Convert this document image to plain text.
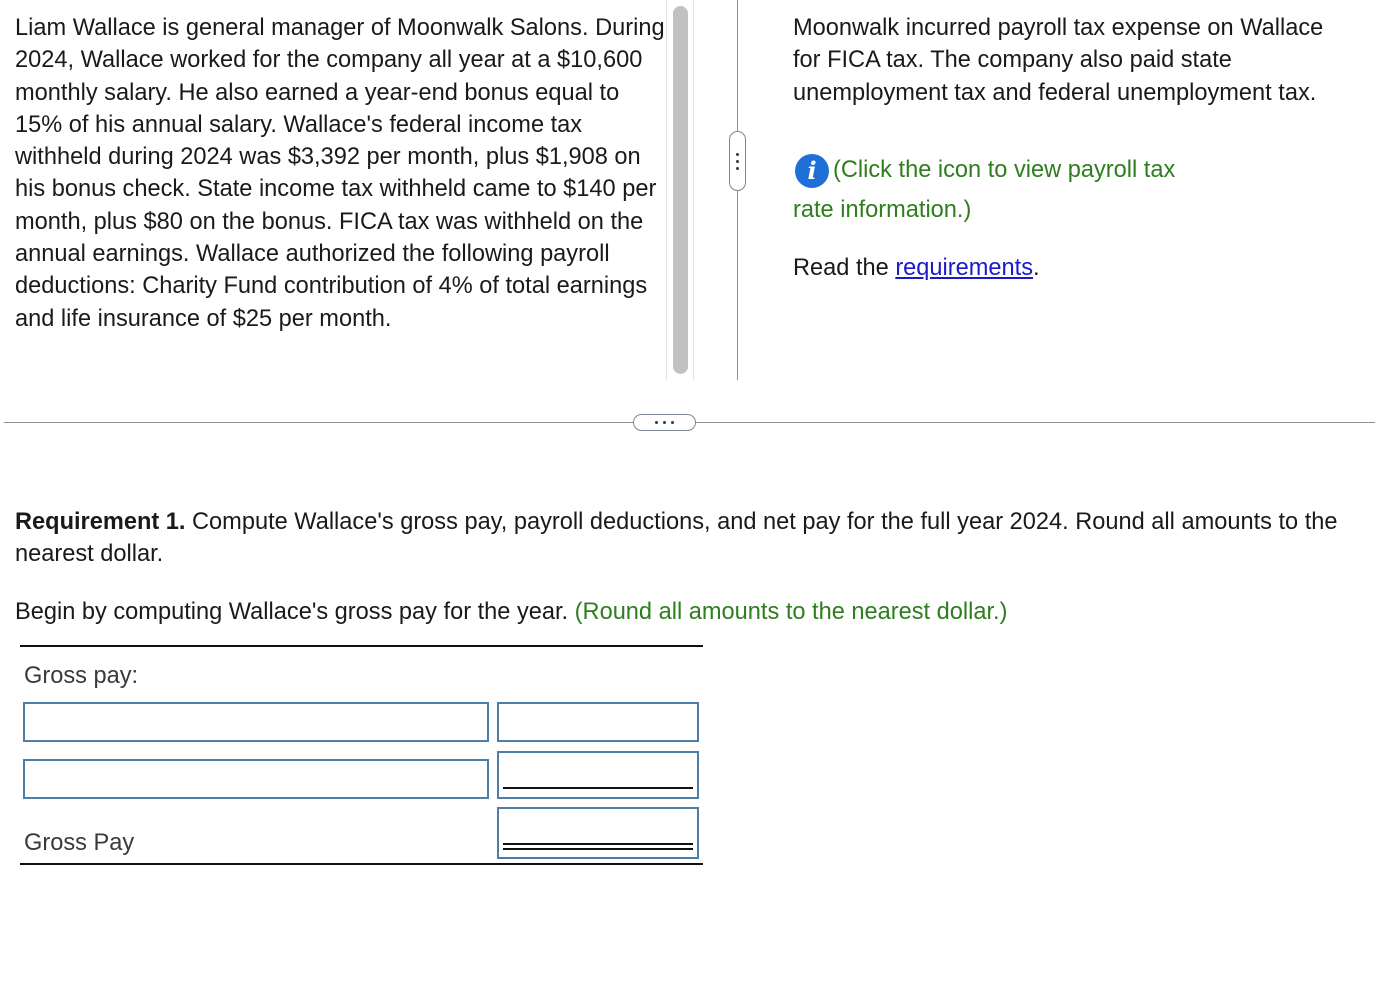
Liam Wallace is general manager of Moonwalk Salons. During 2024, Wallace worked for the company all year at a $10,600 monthly salary. He also earned a year-end bonus equal to 15% of his annual salary. Wallace's federal income tax withheld during 2024 was $3,392 per month, plus $1,908 on his bonus check. State income tax withheld came to $140 per month, plus $80 on the bonus. FICA tax was withheld on the annual earnings. Wallace authorized the following payroll deductions: Charity Fund contribution of 4% of total earnings and life insurance of $25 per month.

Moonwalk incurred payroll tax expense on Wallace for FICA tax. The company also paid state unemployment tax and federal unemployment tax.

i (Click the icon to view payroll tax
rate information.)
Read the requirements.

Requirement 1. Compute Wallace's gross pay, payroll deductions, and net pay for the full year 2024. Round all amounts to the nearest dollar.

Begin by computing Wallace's gross pay for the year. (Round all amounts to the nearest dollar.)

Gross pay:
Gross Pay
